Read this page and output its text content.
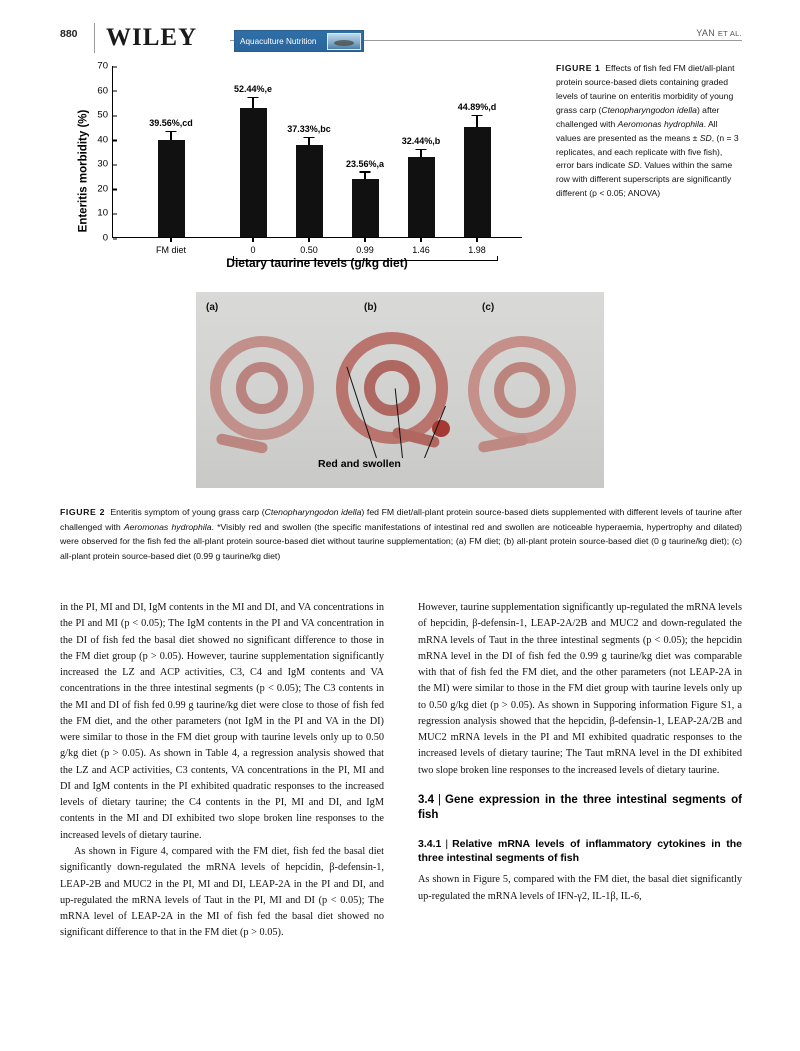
880 WILEY	Aquaculture Nutrition
YAN ET AL.
Enteritis morbidity (%)
0
10
20
30
40
50
60
70
39.56%,cd
FM diet
52.44%,e
0
37.33%,bc
0.50
23.56%,a
0.99
32.44%,b
1.46
44.89%,d
1.98
Dietary taurine levels (g/kg diet)
FIGURE 1 Effects of fish fed FM diet/all-plant protein source-based diets containing graded levels of taurine on enteritis morbidity of young grass carp (Ctenopharyngodon idella) after challenged with Aeromonas hydrophila. All values are presented as the means ± SD, (n = 3 replicates, and each replicate with five fish), error bars indicate SD. Values within the same row with different superscripts are significantly different (p < 0.05; ANOVA)
(a)	(b)	(c)
Red and swollen
FIGURE 2 Enteritis symptom of young grass carp (Ctenopharyngodon idella) fed FM diet/all-plant protein source-based diets supplemented with different levels of taurine after challenged with Aeromonas hydrophila. *Visibly red and swollen (the specific manifestations of intestinal red and swollen are noticeable hyperaemia, hypertrophy and dilated) were observed for the fish fed the all-plant protein source-based diet without taurine supplementation; (a) FM diet; (b) all-plant protein source-based diet (0 g taurine/kg diet); (c) all-plant protein source-based diet (0.99 g taurine/kg diet)

in the PI, MI and DI, IgM contents in the MI and DI, and VA concentrations in the PI and MI (p < 0.05); The IgM contents in the PI and VA concentration in the DI of fish fed the basal diet showed no significant difference to those in the FM diet group (p > 0.05). However, taurine supplementation significantly increased the LZ and ACP activities, C3, C4 and IgM contents and VA concentrations in the three intestinal segments (p < 0.05); The C3 contents in the MI and DI of fish fed 0.99 g taurine/kg diet were close to those of fish fed the FM diet, and the other parameters (not IgM in the PI and VA in the DI) were similar to those in the FM diet group with taurine levels only up to 0.50 g/kg diet (p > 0.05). As shown in Table 4, a regression analysis showed that the LZ and ACP activities, C3 contents, VA concentrations in the PI, MI and DI and IgM contents in the PI exhibited quadratic responses to the increased levels of dietary taurine; the C4 contents in the PI, MI and DI, and IgM contents in the MI and DI exhibited two slope broken line responses to the increased levels of dietary taurine.

As shown in Figure 4, compared with the FM diet, fish fed the basal diet significantly down-regulated the mRNA levels of hepcidin, β-defensin-1, LEAP-2B and MUC2 in the PI, MI and DI, LEAP-2A in the PI and DI, and up-regulated the mRNA levels of Taut in the PI, MI and DI (p < 0.05); The mRNA level of LEAP-2A in the MI of fish fed the basal diet showed no significant difference to that in the FM diet (p > 0.05).

However, taurine supplementation significantly up-regulated the mRNA levels of hepcidin, β-defensin-1, LEAP-2A/2B and MUC2 and down-regulated the mRNA levels of Taut in the three intestinal segments (p < 0.05); the hepcidin mRNA level in the DI of fish fed the 0.99 g taurine/kg diet was comparable with that of fish fed the FM diet, and the other parameters (not LEAP-2A in the MI) were similar to those in the FM diet group with taurine levels only up to 0.50 g/kg diet (p > 0.05). As shown in Supporing information Figure S1, a regression analysis showed that the hepcidin, β-defensin-1, LEAP-2A/2B and MUC2 mRNA levels in the PI and MI exhibited quadratic responses to the increased levels of dietary taurine; The Taut mRNA level in the DI exhibited two slope broken line responses to the increased levels of dietary taurine.

3.4 | Gene expression in the three intestinal segments of fish
3.4.1 | Relative mRNA levels of inflammatory cytokines in the three intestinal segments of fish

As shown in Figure 5, compared with the FM diet, the basal diet significantly up-regulated the mRNA levels of IFN-γ2, IL-1β, IL-6,
